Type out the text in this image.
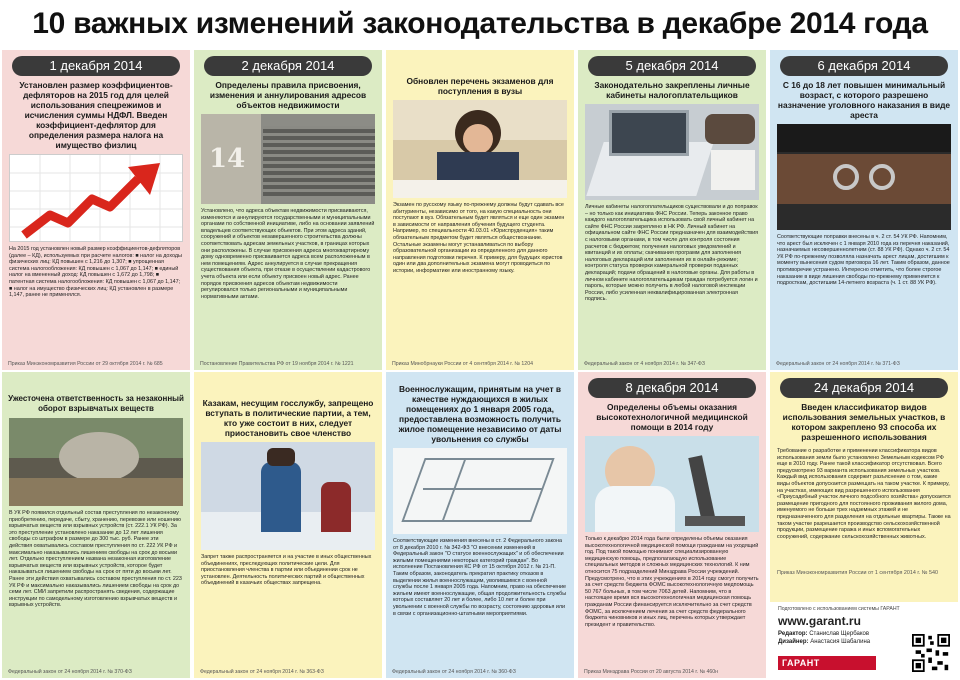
10 важных изменений законодательства в декабре 2014 года
1 декабря 2014
Установлен размер коэффициентов-дефляторов на 2015 год для целей использования спецрежимов и исчисления суммы НДФЛ. Введен коэффициент-дефлятор для определения размера налога на имущество физлиц
На 2015 год установлен новый размер коэффициентов-дефляторов (далее – КД), используемых при расчете налогов: ■ налог на доходы физических лиц: КД повышен с 1,216 до 1,307; ■ упрощенная система налогообложения: КД повышен с 1,067 до 1,147; ■ единый налог на вмененный доход: КД повышен с 1,672 до 1,798; ■ патентная система налогообложения: КД повышен с 1,067 до 1,147; ■ налог на имущество физических лиц: КД установлен в размере 1,147, ранее не применялся.
Приказ Минэкономразвития России от 29 октября 2014 г. № 685
2 декабря 2014
Определены правила присвоения, изменения и аннулирования адресов объектов недвижимости
14
Установлено, что адреса объектам недвижимости присваиваются, изменяются и аннулируются государственными и муниципальными органами по собственной инициативе, либо на основании заявлений владельцев соответствующих объектов. При этом адреса зданий, сооружений и объектов незавершенного строительства должны соответствовать адресам земельных участков, в границах которых они расположены. В случае присвоения адреса многоквартирному дому одновременно присваивается адреса всем расположенным в нем помещениям. Адрес аннулируется в случае прекращения существования объекта, при отказе в осуществлении кадастрового учета объекта или если объекту присвоен новый адрес. Ранее порядок присвоения адресов объектам недвижимости регулировался только региональными и муниципальными нормативными актами.
Постановление Правительства РФ от 19 ноября 2014 г. № 1221
Обновлен перечень экзаменов для поступления в вузы
Экзамен по русскому языку по-прежнему должны будут сдавать все абитуриенты, независимо от того, на какую специальность они поступают в вуз. Обязательным будет являться и еще один экзамен в зависимости от направления обучения будущего студента. Например, по специальности 40.03.01 «Юриспруденция» таким обязательным предметом будет являться обществознание. Остальные экзамены могут устанавливаться по выбору образовательной организации из определенного для данного направления подготовки перечня. К примеру, для будущих юристов один или два дополнительных экзамена могут проводиться по истории, информатике или иностранному языку.
Приказ Минобрнауки России от 4 сентября 2014 г. № 1204
5 декабря 2014
Законодательно закреплены личные кабинеты налогоплательщиков
Личные кабинеты налогоплательщиков существовали и до поправок – но только как инициатива ФНС России. Теперь законное право каждого налогоплательщика использовать свой личный кабинет на сайте ФНС России закреплено в НК РФ. Личный кабинет на официальном сайте ФНС России предназначен для взаимодействия с налоговыми органами, в том числе для контроля состояния расчетов с бюджетом; получения налоговых уведомлений и квитанций и их оплаты; скачивания программ для заполнения налоговых деклараций или заполнения их в онлайн-режиме; контроля статуса проверки камеральной проверки поданных деклараций; подачи обращений в налоговые органы. Для работы в личном кабинете налогоплательщикам граждан потребуется логин и пароль, которые можно получить в любой налоговой инспекции России, либо усиленная неквалифицированная электронная подпись.
Федеральный закон от 4 ноября 2014 г. № 347-ФЗ
6 декабря 2014
С 16 до 18 лет повышен минимальный возраст, с которого разрешено назначение уголовного наказания в виде ареста
Соответствующие поправки внесены в ч. 2 ст. 54 УК РФ. Напомним, что арест был исключен с 1 января 2010 года из перечня наказаний, назначаемых несовершеннолетним (ст. 88 УК РФ). Однако ч. 2 ст. 54 УК РФ по-прежнему позволяла назначать арест лицам, достигшим к моменту вынесения судом приговора 16 лет. Таким образом, данное противоречие устранено. Интересно отметить, что более строгое наказание в виде лишения свободы по-прежнему применяется к подросткам, достигшим 14-летнего возраста (ч. 1 ст. 88 УК РФ).
Федеральный закон от 24 ноября 2014 г. № 371-ФЗ
Ужесточена ответственность за незаконный оборот взрывчатых веществ
В УК РФ появился отдельный состав преступления по незаконному приобретению, передаче, сбыту, хранению, перевозке или ношению взрывчатых веществ или взрывных устройств (ст. 222.1 УК РФ). За это преступление установлено наказание до 12 лет лишения свободы со штрафом в размере до 300 тыс. руб. Ранее эти действия охватывались составом преступления по ст. 222 УК РФ и максимально наказывались лишением свободы на срок до восьми лет. Отдельно преступлением названа незаконная изготовление взрывчатых веществ или взрывных устройств, которое будет наказываться лишением свободы на срок от пяти до восьми лет. Ранее эти действия охватывались составом преступления по ст. 223 УК РФ и максимально наказывались лишением свободы на срок до семи лет. СМИ запретили распространять сведения, содержащие инструкции по самодельному изготовлению взрывчатых веществ и взрывных устройств.
Федеральный закон от 24 ноября 2014 г. № 370-ФЗ
Казакам, несущим госслужбу, запрещено вступать в политические партии, а тем, кто уже состоит в них, следует приостановить свое членство
Запрет также распространяется и на участие в иных общественных объединениях, преследующих политические цели. Для приостановления членства в партии или объединении срок не установлен. Деятельность политических партий и общественных объединений в казачьих обществах запрещена.
Федеральный закон от 24 ноября 2014 г. № 363-ФЗ
Военнослужащим, принятым на учет в качестве нуждающихся в жилых помещениях до 1 января 2005 года, предоставлена возможность получить жилое помещение независимо от даты увольнения со службы
Соответствующие изменения внесены в ст. 2 Федерального закона от 8 декабря 2010 г. № 342-ФЗ "О внесении изменений в Федеральный закон "О статусе военнослужащих" и об обеспечении жилыми помещениями некоторых категорий граждан". Во исполнение Постановления КС РФ от 15 октября 2012 г. № 21-П. Таким образом, законодатель прекратил практику отказов в выделении жилья военнослужащим, уволившимся с военной службы после 1 января 2005 года. Напомним, право на обеспечение жильем имеют военнослужащие, общая продолжительность службы которых составляет 20 лет и более, либо 10 лет и более при увольнении с военной службы по возрасту, состоянию здоровья или в связи с организационно-штатными мероприятиями.
Федеральный закон от 24 ноября 2014 г. № 360-ФЗ
8 декабря 2014
Определены объемы оказания высокотехнологичной медицинской помощи в 2014 году
Только к декабрю 2014 года были определены объемы оказания высокотехнологичной медицинской помощи гражданам на уходящий год. Под такой помощью понимают специализированную медицинскую помощь, предполагающую использование специальных методов и сложных медицинских технологий. К ним относится 75 подразделений Минздрава России учреждений. Предусмотрено, что в этих учреждениях в 2014 году смогут получить за счет средств бюджета ФОМС высокотехнологичную медпомощь 50 767 больных, в том числе 7063 детей. Напомним, что в настоящее время вся высокотехнологичная медицинская помощь гражданам России финансируется исключительно за счет средств ФОМС, за исключением лечения за счет средств федерального бюджета чиновников и иных лиц, перечень которых утверждает президент и правительство.
Приказ Минздрава России от 20 августа 2014 г. № 460н
24 декабря 2014
Введен классификатор видов использования земельных участков, в котором закреплено 93 способа их разрешенного использования
Требование о разработке и применении классификатора видов использования земли было установлено Земельным кодексом РФ еще в 2010 году. Ранее такой классификатор отсутствовал. Всего предусмотрено 93 варианта использования земельных участков. Каждый вид использования содержит разъяснение о том, какие виды объектов допускается размещать на таком участке. К примеру, на участках, имеющих вид разрешенного использования «Приусадебный участок личного подсобного хозяйства» допускается размещение пригодного для постоянного проживания жилого дома, именуемого не больше трех надземных этажей и не предназначенного для разделения на отдельные квартиры. Также на таком участке разрешается производство сельскохозяйственной продукции, размещение гаража и иных вспомогательных сооружений, содержание сельскохозяйственных животных.
Приказ Минэкономразвития России от 1 сентября 2014 г. № 540
Подготовлено с использованием системы ГАРАНТ
www.garant.ru
Редактор: Станислав Щербаков
Дизайнер: Анастасия Шабалина
ГАРАНТ
